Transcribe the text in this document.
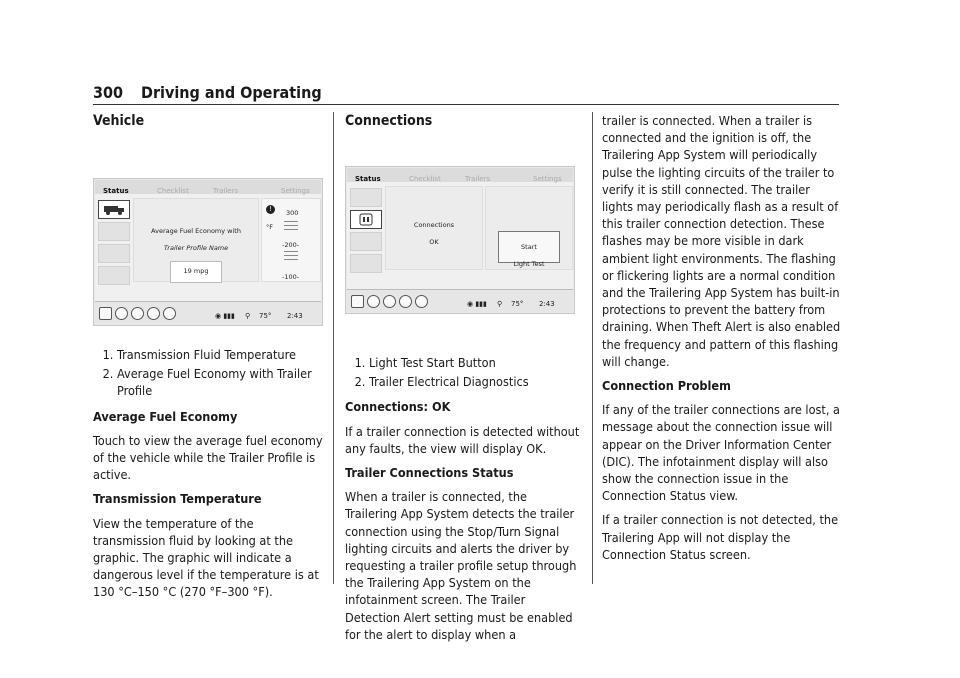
300 Driving and Operating
Vehicle
Status	Checklist	Trailers	Settings
Average Fuel Economy with
Trailer Profile Name
19 mpg
!	300
°F
-200-
-100-
◉ ▮▮▮ ⚲ 75° 2:43
1. Transmission Fluid Temperature
2. Average Fuel Economy with Trailer Profile
Average Fuel Economy

Touch to view the average fuel economy of the vehicle while the Trailer Profile is active.

Transmission Temperature

View the temperature of the transmission fluid by looking at the graphic. The graphic will indicate a dangerous level if the temperature is at 130 °C–150 °C (270 °F–300 °F).

Connections
Status	Checklist	Trailers	Settings
Connections
OK
Start
Light Test
◉ ▮▮▮ ⚲ 75° 2:43
1. Light Test Start Button
2. Trailer Electrical Diagnostics
Connections: OK

If a trailer connection is detected without any faults, the view will display OK.

Trailer Connections Status

When a trailer is connected, the Trailering App System detects the trailer connection using the Stop/Turn Signal lighting circuits and alerts the driver by requesting a trailer profile setup through the Trailering App System on the infotainment screen. The Trailer Detection Alert setting must be enabled for the alert to display when a

trailer is connected. When a trailer is connected and the ignition is off, the Trailering App System will periodically pulse the lighting circuits of the trailer to verify it is still connected. The trailer lights may periodically flash as a result of this trailer connection detection. These flashes may be more visible in dark ambient light environments. The flashing or flickering lights are a normal condition and the Trailering App System has built-in protections to prevent the battery from draining. When Theft Alert is also enabled the frequency and pattern of this flashing will change.

Connection Problem

If any of the trailer connections are lost, a message about the connection issue will appear on the Driver Information Center (DIC). The infotainment display will also show the connection issue in the Connection Status view.

If a trailer connection is not detected, the Trailering App will not display the Connection Status screen.
